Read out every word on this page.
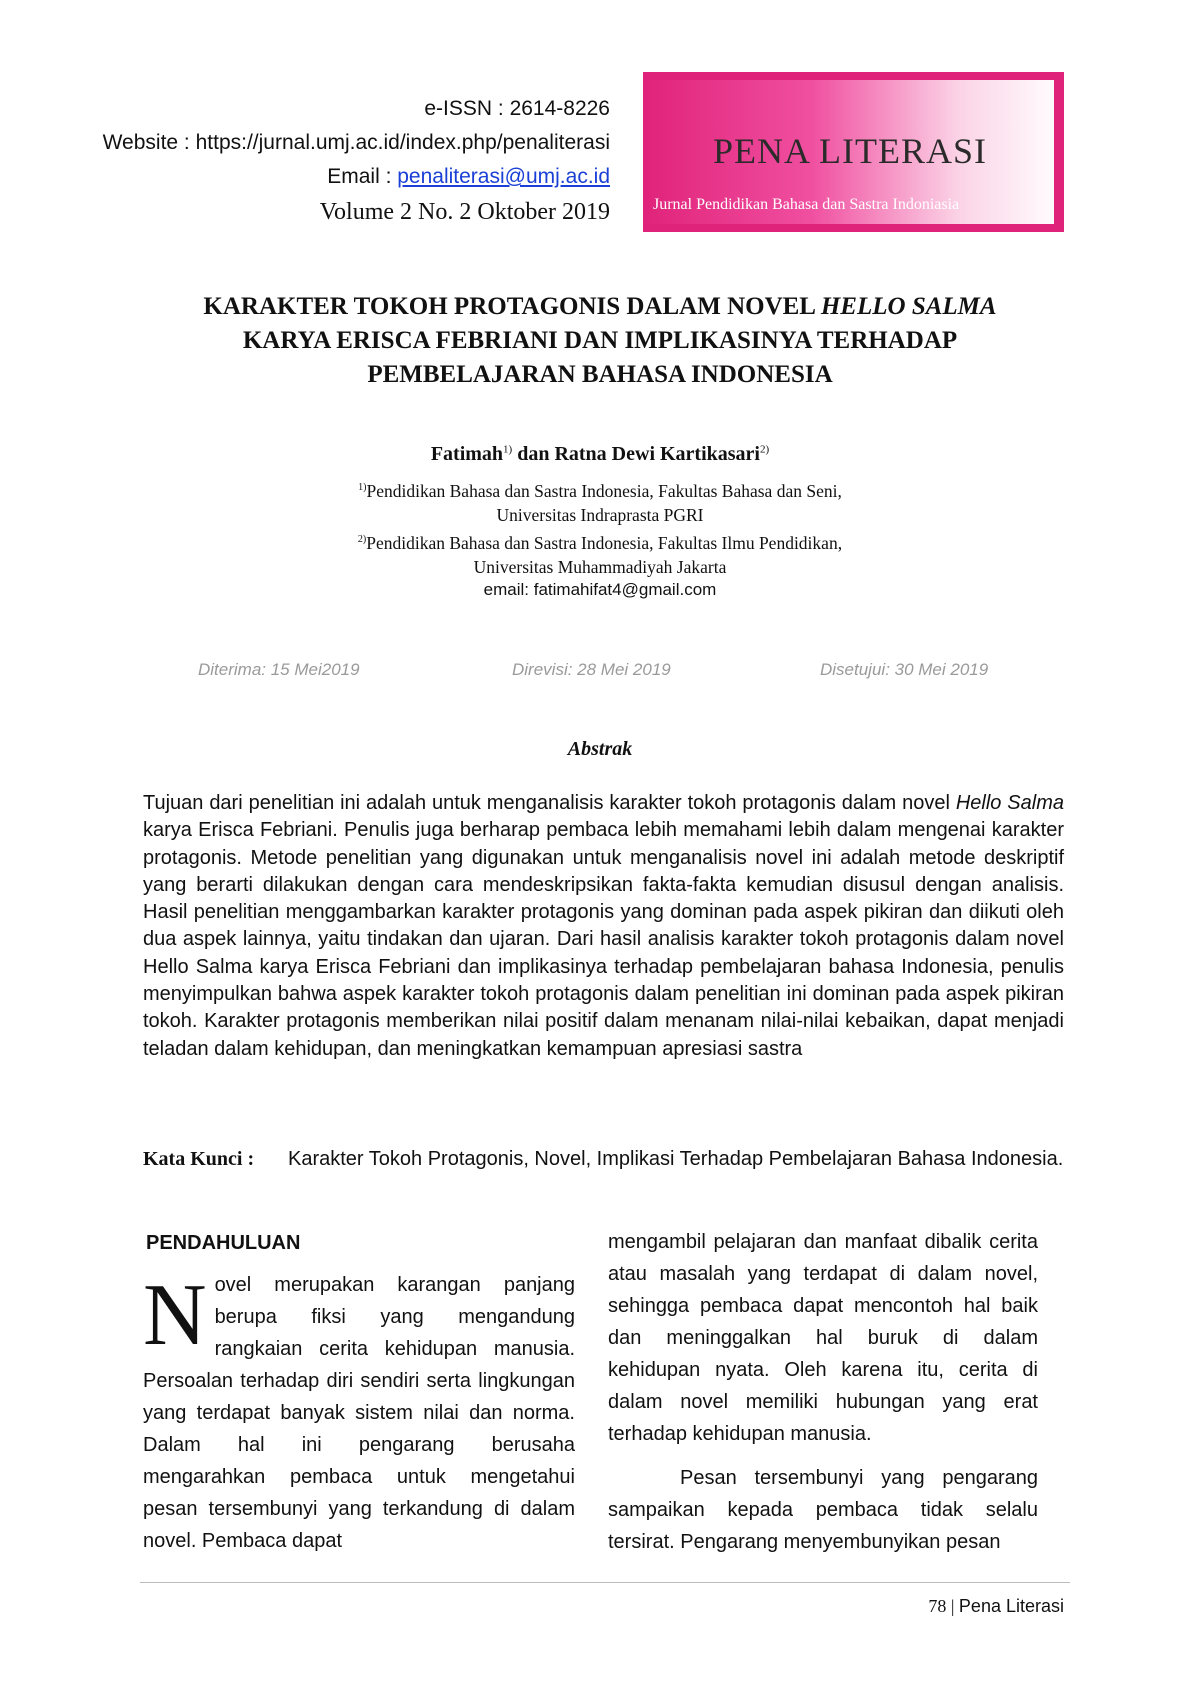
e-ISSN : 2614-8226
Website : https://jurnal.umj.ac.id/index.php/penaliterasi
Email : penaliterasi@umj.ac.id
Volume 2 No. 2 Oktober 2019
PENA LITERASI
Jurnal Pendidikan Bahasa dan Sastra Indoniasia
KARAKTER TOKOH PROTAGONIS DALAM NOVEL HELLO SALMA
KARYA ERISCA FEBRIANI DAN IMPLIKASINYA TERHADAP
PEMBELAJARAN BAHASA INDONESIA
Fatimah$^{1)}$ dan Ratna Dewi Kartikasari$^{2)}$
$^{1)}$Pendidikan Bahasa dan Sastra Indonesia, Fakultas Bahasa dan Seni,
Universitas Indraprasta PGRI
$^{2)}$Pendidikan Bahasa dan Sastra Indonesia, Fakultas Ilmu Pendidikan,
Universitas Muhammadiyah Jakarta
email: fatimahifat4@gmail.com
Diterima: 15 Mei2019	Direvisi: 28 Mei 2019	Disetujui: 30 Mei 2019
Abstrak
Tujuan dari penelitian ini adalah untuk menganalisis karakter tokoh protagonis dalam novel Hello Salma karya Erisca Febriani. Penulis juga berharap pembaca lebih memahami lebih dalam mengenai karakter protagonis. Metode penelitian yang digunakan untuk menganalisis novel ini adalah metode deskriptif yang berarti dilakukan dengan cara mendeskripsikan fakta-fakta kemudian disusul dengan analisis. Hasil penelitian menggambarkan karakter protagonis yang dominan pada aspek pikiran dan diikuti oleh dua aspek lainnya, yaitu tindakan dan ujaran. Dari hasil analisis karakter tokoh protagonis dalam novel Hello Salma karya Erisca Febriani dan implikasinya terhadap pembelajaran bahasa Indonesia, penulis menyimpulkan bahwa aspek karakter tokoh protagonis dalam penelitian ini dominan pada aspek pikiran tokoh. Karakter protagonis memberikan nilai positif dalam menanam nilai-nilai kebaikan, dapat menjadi teladan dalam kehidupan, dan meningkatkan kemampuan apresiasi sastra
Kata Kunci : Karakter Tokoh Protagonis, Novel, Implikasi Terhadap Pembelajaran Bahasa Indonesia.
PENDAHULUAN
Novel merupakan karangan panjang berupa fiksi yang mengandung rangkaian cerita kehidupan manusia. Persoalan terhadap diri sendiri serta lingkungan yang terdapat banyak sistem nilai dan norma. Dalam hal ini pengarang berusaha mengarahkan pembaca untuk mengetahui pesan tersembunyi yang terkandung di dalam novel. Pembaca dapat
mengambil pelajaran dan manfaat dibalik cerita atau masalah yang terdapat di dalam novel, sehingga pembaca dapat mencontoh hal baik dan meninggalkan hal buruk di dalam kehidupan nyata. Oleh karena itu, cerita di dalam novel memiliki hubungan yang erat terhadap kehidupan manusia.
Pesan tersembunyi yang pengarang sampaikan kepada pembaca tidak selalu tersirat. Pengarang menyembunyikan pesan
78 | Pena Literasi
